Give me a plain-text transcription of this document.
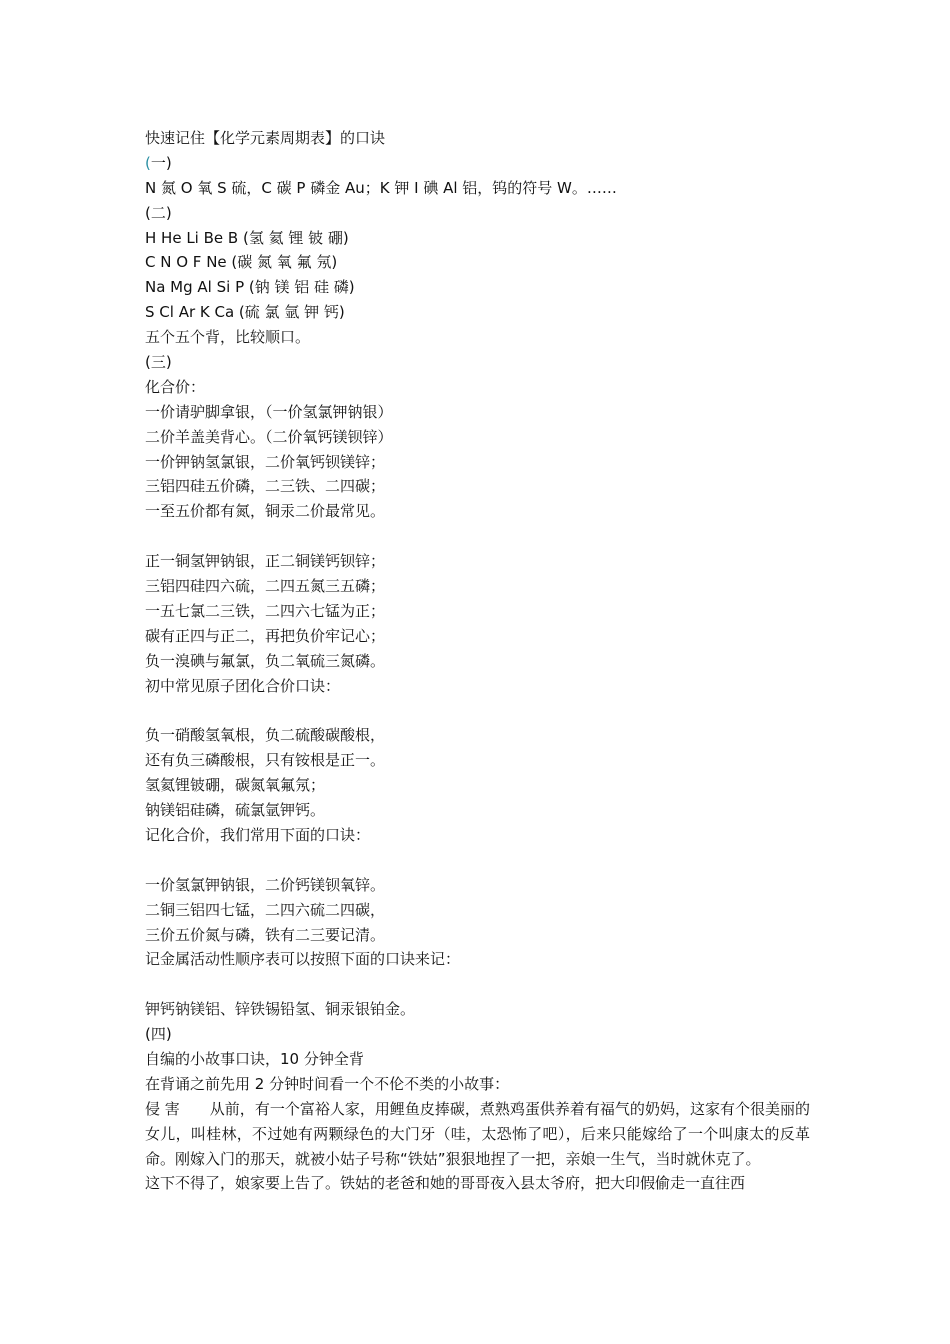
快速记住【化学元素周期表】的口诀
(一)
N 氮 O 氧 S 硫，C 碳 P 磷金 Au；K 钾 I 碘 Al 铝，钨的符号 W。……
(二)
H He Li Be B (氢 氦 锂 铍 硼)
C N O F Ne (碳 氮 氧 氟 氖)
Na Mg Al Si P (钠 镁 铝 硅 磷)
S Cl Ar K Ca (硫 氯 氩 钾 钙)
五个五个背，比较顺口。
(三)
化合价：
一价请驴脚拿银，（一价氢氯钾钠银）
二价羊盖美背心。（二价氧钙镁钡锌）
一价钾钠氢氯银，二价氧钙钡镁锌；
三铝四硅五价磷，二三铁、二四碳；
一至五价都有氮，铜汞二价最常见。
正一铜氢钾钠银，正二铜镁钙钡锌；
三铝四硅四六硫，二四五氮三五磷；
一五七氯二三铁，二四六七锰为正；
碳有正四与正二，再把负价牢记心；
负一溴碘与氟氯，负二氧硫三氮磷。
初中常见原子团化合价口诀：
负一硝酸氢氧根，负二硫酸碳酸根，
还有负三磷酸根，只有铵根是正一。
氢氦锂铍硼，碳氮氧氟氖；
钠镁铝硅磷，硫氯氩钾钙。
记化合价，我们常用下面的口诀：
一价氢氯钾钠银，二价钙镁钡氧锌。
二铜三铝四七锰，二四六硫二四碳，
三价五价氮与磷，铁有二三要记清。
记金属活动性顺序表可以按照下面的口诀来记：
钾钙钠镁铝、锌铁锡铅氢、铜汞银铂金。
(四)
自编的小故事口诀，10 分钟全背
在背诵之前先用 2 分钟时间看一个不伦不类的小故事：
侵 害 从前，有一个富裕人家，用鲤鱼皮捧碳，煮熟鸡蛋供养着有福气的奶妈，这家有个很美丽的女儿，叫桂林，不过她有两颗绿色的大门牙（哇，太恐怖了吧），后来只能嫁给了一个叫康太的反革命。刚嫁入门的那天，就被小姑子号称“铁姑”狠狠地捏了一把，亲娘一生气，当时就休克了。
这下不得了，娘家要上告了。铁姑的老爸和她的哥哥夜入县太爷府，把大印假偷走一直往西
